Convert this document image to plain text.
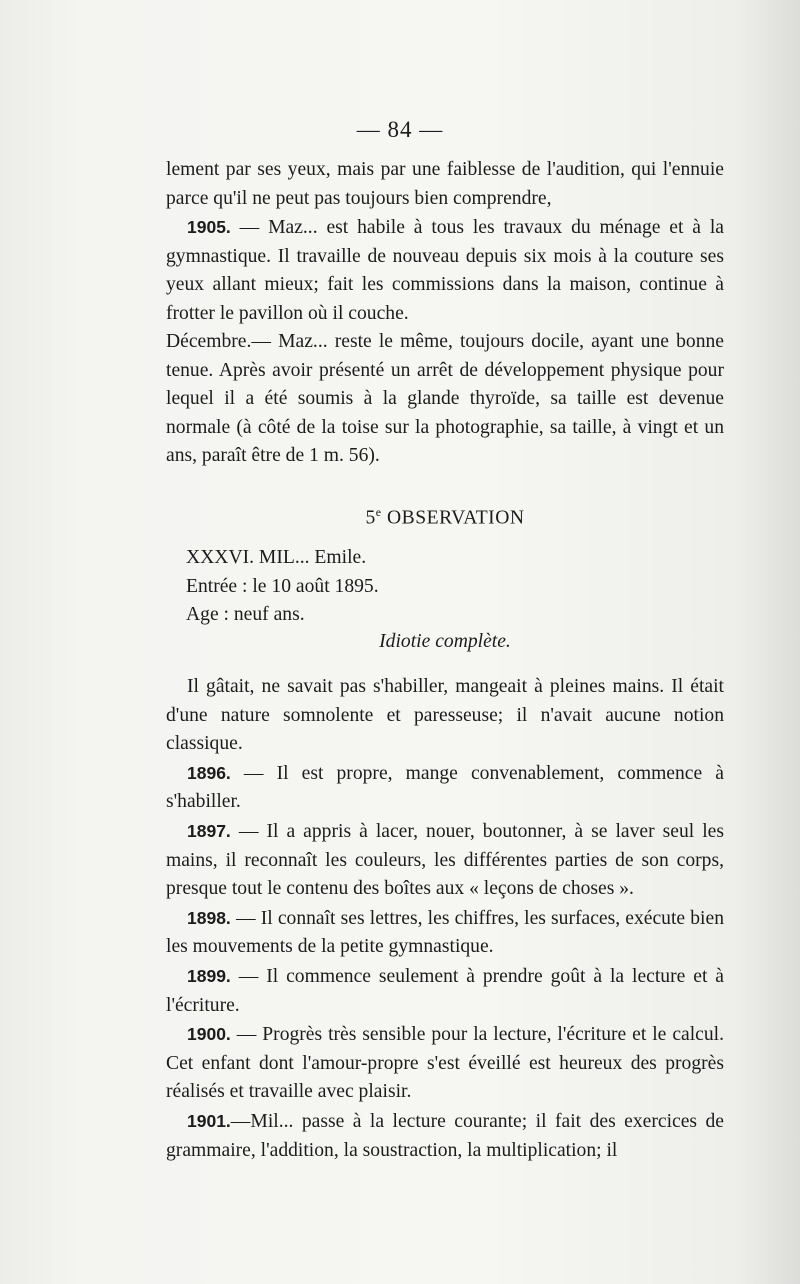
— 84 —

lement par ses yeux, mais par une faiblesse de l'audition, qui l'ennuie parce qu'il ne peut pas toujours bien comprendre,

1905. — Maz... est habile à tous les travaux du ménage et à la gymnastique. Il travaille de nouveau depuis six mois à la couture ses yeux allant mieux; fait les commissions dans la maison, continue à frotter le pavillon où il couche.

Décembre.— Maz... reste le même, toujours docile, ayant une bonne tenue. Après avoir présenté un arrêt de développement physique pour lequel il a été soumis à la glande thyroïde, sa taille est devenue normale (à côté de la toise sur la photographie, sa taille, à vingt et un ans, paraît être de 1 m. 56).

5e OBSERVATION
XXXVI. MIL... Emile.
Entrée : le 10 août 1895.
Age : neuf ans.
Idiotie complète.

Il gâtait, ne savait pas s'habiller, mangeait à pleines mains. Il était d'une nature somnolente et paresseuse; il n'avait aucune notion classique.

1896. — Il est propre, mange convenablement, commence à s'habiller.

1897. — Il a appris à lacer, nouer, boutonner, à se laver seul les mains, il reconnaît les couleurs, les différentes parties de son corps, presque tout le contenu des boîtes aux « leçons de choses ».

1898. — Il connaît ses lettres, les chiffres, les surfaces, exécute bien les mouvements de la petite gymnastique.

1899. — Il commence seulement à prendre goût à la lecture et à l'écriture.

1900. — Progrès très sensible pour la lecture, l'écriture et le calcul. Cet enfant dont l'amour-propre s'est éveillé est heureux des progrès réalisés et travaille avec plaisir.

1901.—Mil... passe à la lecture courante; il fait des exercices de grammaire, l'addition, la soustraction, la multiplication; il
